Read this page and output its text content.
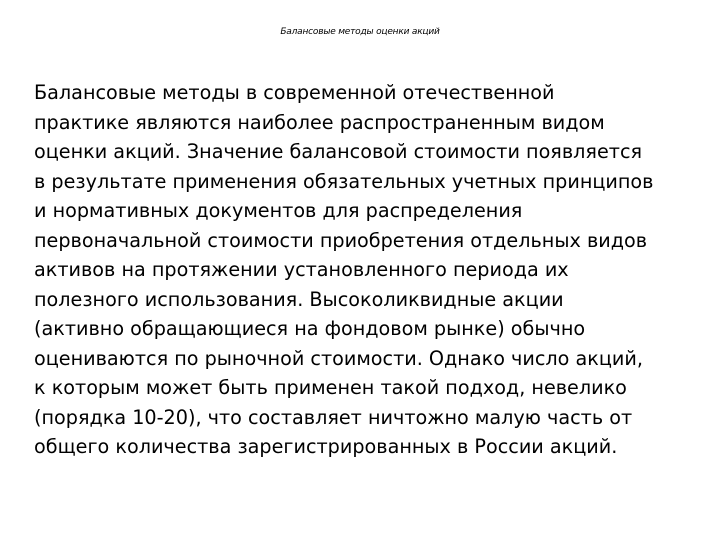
Балансовые методы оценки акций

Балансовые методы в современной отечественной
практике являются наиболее распространенным видом
оценки акций. Значение балансовой стоимости появляется
в результате применения обязательных учетных принципов
и нормативных документов для распределения
первоначальной стоимости приобретения отдельных видов
активов на протяжении установленного периода их
полезного использования. Высоколиквидные акции
(активно обращающиеся на фондовом рынке) обычно
оцениваются по рыночной стоимости. Однако число акций,
к которым может быть применен такой подход, невелико
(порядка 10-20), что составляет ничтожно малую часть от
общего количества зарегистрированных в России акций.
